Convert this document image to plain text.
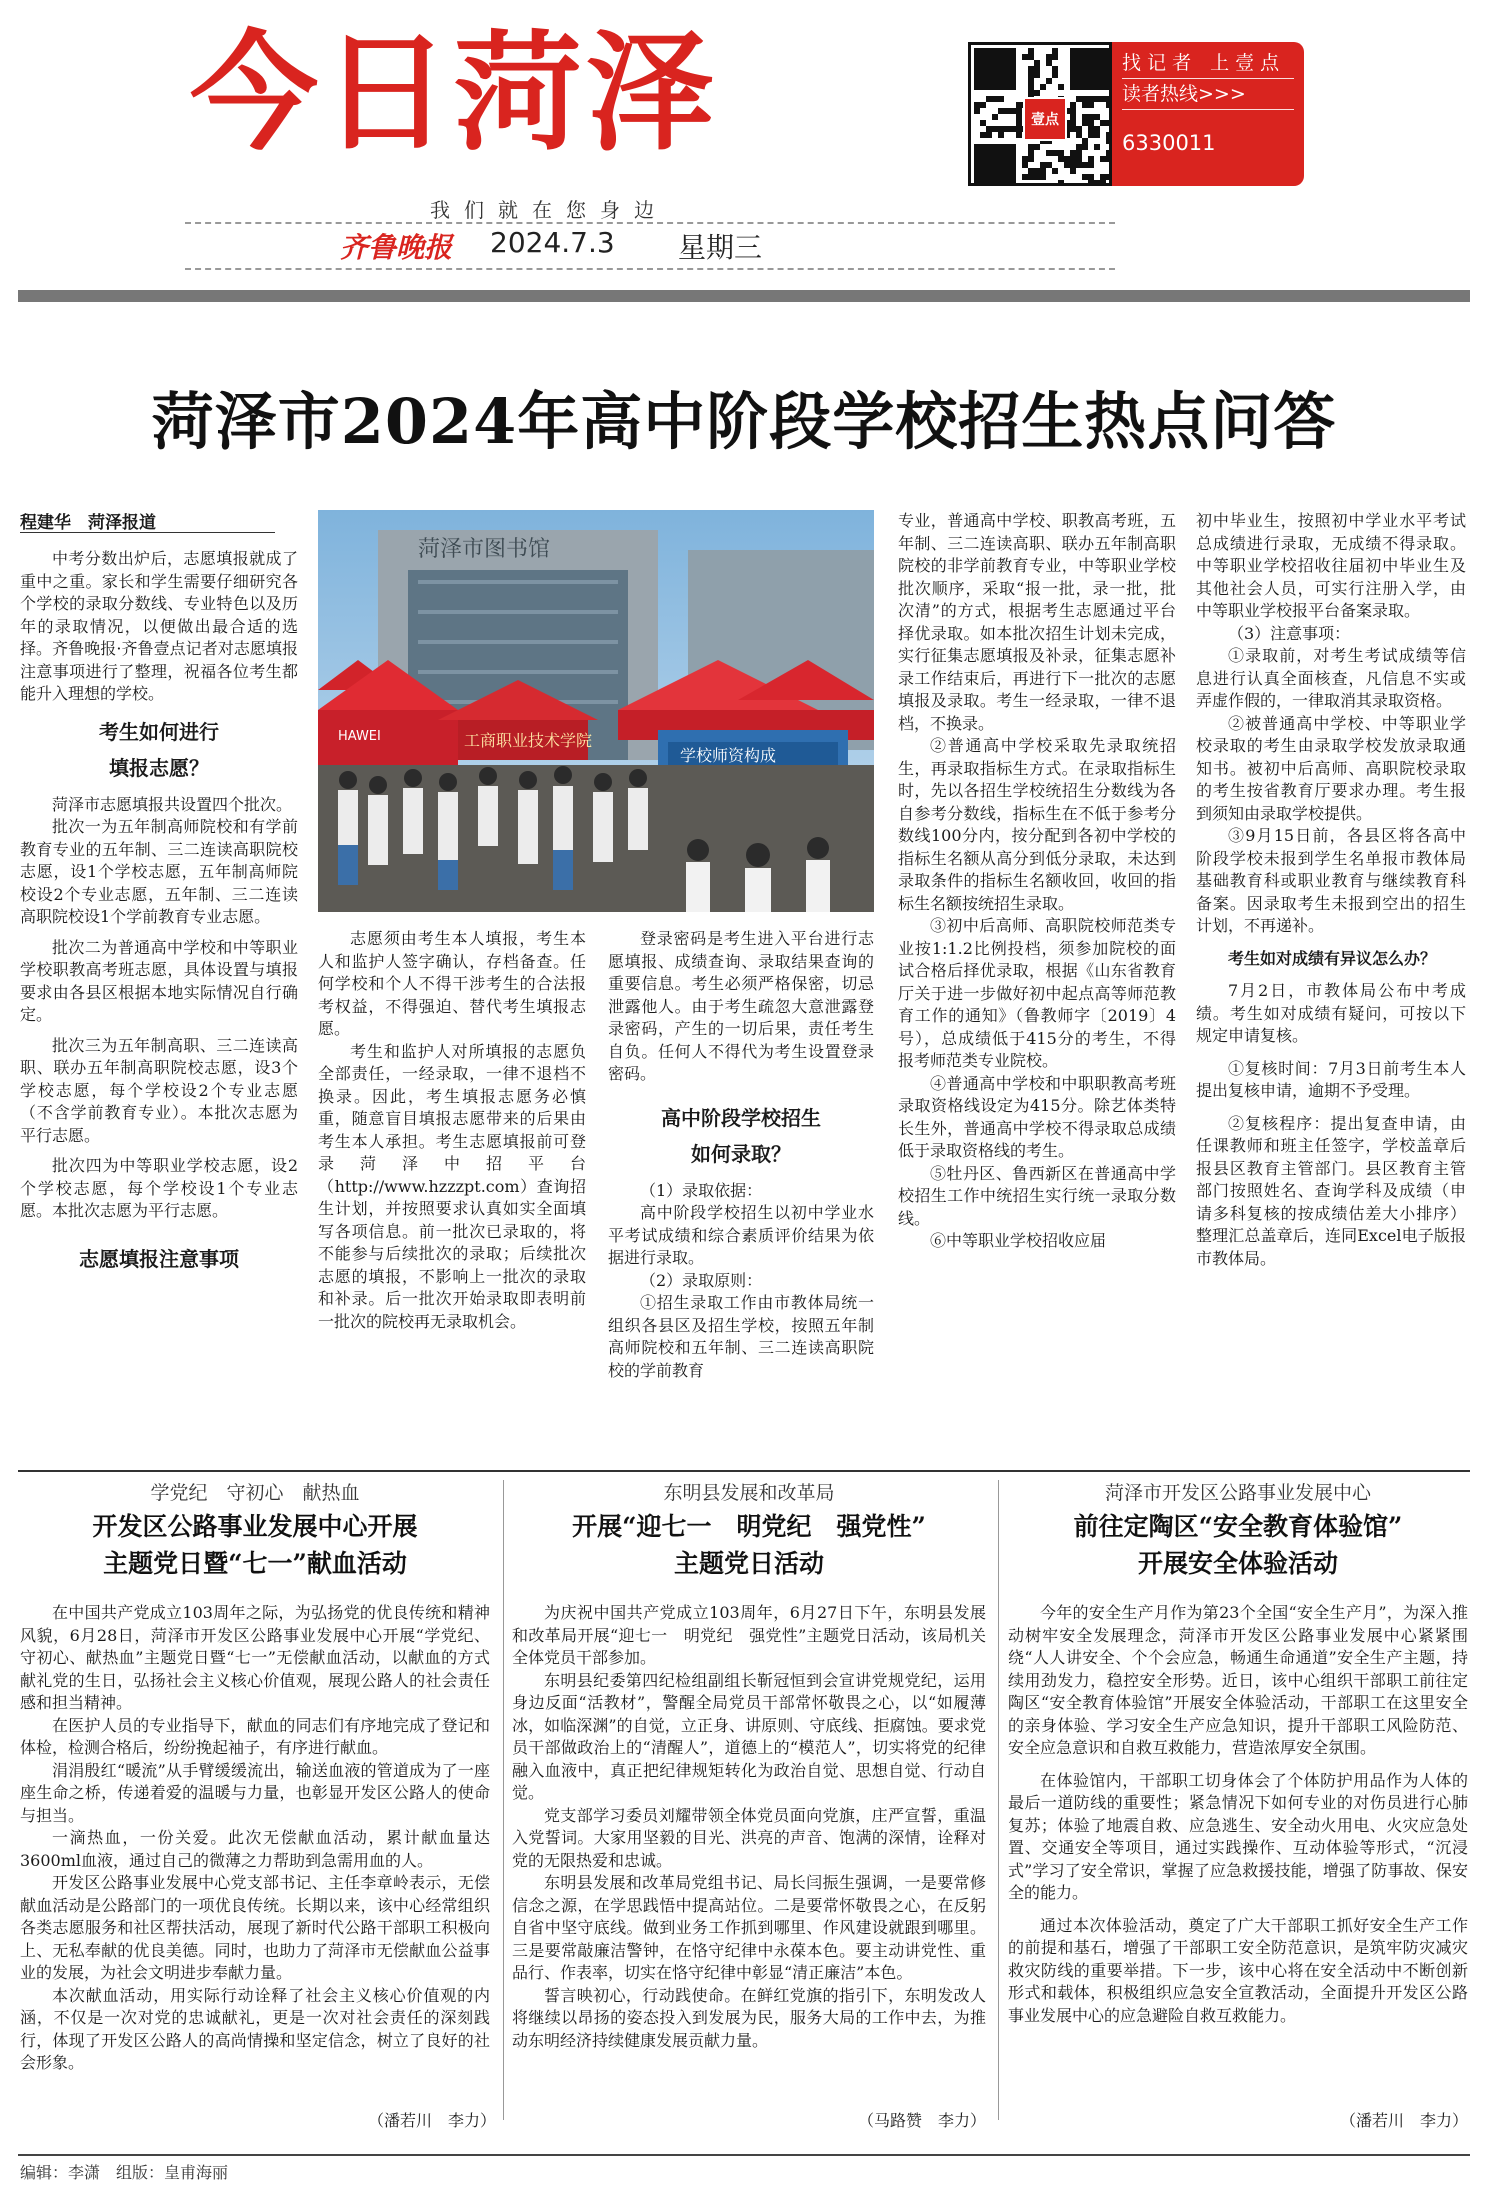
今日菏泽	壹点
找 记 者　上 壹 点
读者热线>>>
6330011
我们就在您身边
齐鲁晚报 2024.7.3 星期三
菏泽市2024年高中阶段学校招生热点问答
程建华　菏泽报道

中考分数出炉后，志愿填报就成了重中之重。家长和学生需要仔细研究各个学校的录取分数线、专业特色以及历年的录取情况，以便做出最合适的选择。齐鲁晚报·齐鲁壹点记者对志愿填报注意事项进行了整理，祝福各位考生都能升入理想的学校。

考生如何进行
填报志愿？

菏泽市志愿填报共设置四个批次。

批次一为五年制高师院校和有学前教育专业的五年制、三二连读高职院校志愿，设1个学校志愿，五年制高师院校设2个专业志愿，五年制、三二连读高职院校设1个学前教育专业志愿。

批次二为普通高中学校和中等职业学校职教高考班志愿，具体设置与填报要求由各县区根据本地实际情况自行确定。

批次三为五年制高职、三二连读高职、联办五年制高职院校志愿，设3个学校志愿，每个学校设2个专业志愿（不含学前教育专业）。本批次志愿为平行志愿。

批次四为中等职业学校志愿，设2个学校志愿，每个学校设1个专业志愿。本批次志愿为平行志愿。

志愿填报注意事项

菏泽市图书馆
工商职业技术学院
HAWEI
学校师资构成

志愿须由考生本人填报，考生本人和监护人签字确认，存档备查。任何学校和个人不得干涉考生的合法报考权益，不得强迫、替代考生填报志愿。

考生和监护人对所填报的志愿负全部责任，一经录取，一律不退档不换录。因此，考生填报志愿务必慎重，随意盲目填报志愿带来的后果由考生本人承担。考生志愿填报前可登录菏泽中招平台（http://www.hzzzpt.com）查询招生计划，并按照要求认真如实全面填写各项信息。前一批次已录取的，将不能参与后续批次的录取；后续批次志愿的填报，不影响上一批次的录取和补录。后一批次开始录取即表明前一批次的院校再无录取机会。

登录密码是考生进入平台进行志愿填报、成绩查询、录取结果查询的重要信息。考生必须严格保密，切忌泄露他人。由于考生疏忽大意泄露登录密码，产生的一切后果，责任考生自负。任何人不得代为考生设置登录密码。

高中阶段学校招生
如何录取？

（1）录取依据：

高中阶段学校招生以初中学业水平考试成绩和综合素质评价结果为依据进行录取。

（2）录取原则：

①招生录取工作由市教体局统一组织各县区及招生学校，按照五年制高师院校和五年制、三二连读高职院校的学前教育

专业，普通高中学校、职教高考班，五年制、三二连读高职、联办五年制高职院校的非学前教育专业，中等职业学校批次顺序，采取“报一批，录一批，批次清”的方式，根据考生志愿通过平台择优录取。如本批次招生计划未完成，实行征集志愿填报及补录，征集志愿补录工作结束后，再进行下一批次的志愿填报及录取。考生一经录取，一律不退档，不换录。

②普通高中学校采取先录取统招生，再录取指标生方式。在录取指标生时，先以各招生学校统招生分数线为各自参考分数线，指标生在不低于参考分数线100分内，按分配到各初中学校的指标生名额从高分到低分录取，未达到录取条件的指标生名额收回，收回的指标生名额按统招生录取。

③初中后高师、高职院校师范类专业按1:1.2比例投档，须参加院校的面试合格后择优录取，根据《山东省教育厅关于进一步做好初中起点高等师范教育工作的通知》（鲁教师字〔2019〕4号），总成绩低于415分的考生，不得报考师范类专业院校。

④普通高中学校和中职职教高考班录取资格线设定为415分。除艺体类特长生外，普通高中学校不得录取总成绩低于录取资格线的考生。

⑤牡丹区、鲁西新区在普通高中学校招生工作中统招生实行统一录取分数线。

⑥中等职业学校招收应届

初中毕业生，按照初中学业水平考试总成绩进行录取，无成绩不得录取。中等职业学校招收往届初中毕业生及其他社会人员，可实行注册入学，由中等职业学校报平台备案录取。

（3）注意事项：

①录取前，对考生考试成绩等信息进行认真全面核查，凡信息不实或弄虚作假的，一律取消其录取资格。

②被普通高中学校、中等职业学校录取的考生由录取学校发放录取通知书。被初中后高师、高职院校录取的考生按省教育厅要求办理。考生报到须知由录取学校提供。

③9月15日前，各县区将各高中阶段学校未报到学生名单报市教体局基础教育科或职业教育与继续教育科备案。因录取考生未报到空出的招生计划，不再递补。

考生如对成绩有异议怎么办？

7月2日，市教体局公布中考成绩。考生如对成绩有疑问，可按以下规定申请复核。

①复核时间：7月3日前考生本人提出复核申请，逾期不予受理。

②复核程序：提出复查申请，由任课教师和班主任签字，学校盖章后报县区教育主管部门。县区教育主管部门按照姓名、查询学科及成绩（申请多科复核的按成绩估差大小排序）整理汇总盖章后，连同Excel电子版报市教体局。

学党纪　守初心　献热血
开发区公路事业发展中心开展
主题党日暨“七一”献血活动

在中国共产党成立103周年之际，为弘扬党的优良传统和精神风貌，6月28日，菏泽市开发区公路事业发展中心开展“学党纪、守初心、献热血”主题党日暨“七一”无偿献血活动，以献血的方式献礼党的生日，弘扬社会主义核心价值观，展现公路人的社会责任感和担当精神。

在医护人员的专业指导下，献血的同志们有序地完成了登记和体检，检测合格后，纷纷挽起袖子，有序进行献血。

涓涓殷红“暖流”从手臂缓缓流出，输送血液的管道成为了一座座生命之桥，传递着爱的温暖与力量，也彰显开发区公路人的使命与担当。

一滴热血，一份关爱。此次无偿献血活动，累计献血量达3600ml血液，通过自己的微薄之力帮助到急需用血的人。

开发区公路事业发展中心党支部书记、主任李章岭表示，无偿献血活动是公路部门的一项优良传统。长期以来，该中心经常组织各类志愿服务和社区帮扶活动，展现了新时代公路干部职工积极向上、无私奉献的优良美德。同时，也助力了菏泽市无偿献血公益事业的发展，为社会文明进步奉献力量。

本次献血活动，用实际行动诠释了社会主义核心价值观的内涵，不仅是一次对党的忠诚献礼，更是一次对社会责任的深刻践行，体现了开发区公路人的高尚情操和坚定信念，树立了良好的社会形象。

（潘若川　李力）
东明县发展和改革局
开展“迎七一　明党纪　强党性”
主题党日活动

为庆祝中国共产党成立103周年，6月27日下午，东明县发展和改革局开展“迎七一　明党纪　强党性”主题党日活动，该局机关全体党员干部参加。

东明县纪委第四纪检组副组长靳冠恒到会宣讲党规党纪，运用身边反面“活教材”，警醒全局党员干部常怀敬畏之心，以“如履薄冰，如临深渊”的自觉，立正身、讲原则、守底线、拒腐蚀。要求党员干部做政治上的“清醒人”，道德上的“模范人”，切实将党的纪律融入血液中，真正把纪律规矩转化为政治自觉、思想自觉、行动自觉。

党支部学习委员刘耀带领全体党员面向党旗，庄严宣誓，重温入党誓词。大家用坚毅的目光、洪亮的声音、饱满的深情，诠释对党的无限热爱和忠诚。

东明县发展和改革局党组书记、局长闫振生强调，一是要常修信念之源，在学思践悟中提高站位。二是要常怀敬畏之心，在反躬自省中坚守底线。做到业务工作抓到哪里、作风建设就跟到哪里。三是要常敲廉洁警钟，在恪守纪律中永葆本色。要主动讲党性、重品行、作表率，切实在恪守纪律中彰显“清正廉洁”本色。

誓言映初心，行动践使命。在鲜红党旗的指引下，东明发改人将继续以昂扬的姿态投入到发展为民，服务大局的工作中去，为推动东明经济持续健康发展贡献力量。

（马路赞　李力）
菏泽市开发区公路事业发展中心
前往定陶区“安全教育体验馆”
开展安全体验活动

今年的安全生产月作为第23个全国“安全生产月”，为深入推动树牢安全发展理念，菏泽市开发区公路事业发展中心紧紧围绕“人人讲安全、个个会应急，畅通生命通道”安全生产主题，持续用劲发力，稳控安全形势。近日，该中心组织干部职工前往定陶区“安全教育体验馆”开展安全体验活动，干部职工在这里安全的亲身体验、学习安全生产应急知识，提升干部职工风险防范、安全应急意识和自救互救能力，营造浓厚安全氛围。

在体验馆内，干部职工切身体会了个体防护用品作为人体的最后一道防线的重要性；紧急情况下如何专业的对伤员进行心肺复苏；体验了地震自救、应急逃生、安全动火用电、火灾应急处置、交通安全等项目，通过实践操作、互动体验等形式，“沉浸式”学习了安全常识，掌握了应急救援技能，增强了防事故、保安全的能力。

通过本次体验活动，奠定了广大干部职工抓好安全生产工作的前提和基石，增强了干部职工安全防范意识，是筑牢防灾减灾救灾防线的重要举措。下一步，该中心将在安全活动中不断创新形式和载体，积极组织应急安全宣教活动，全面提升开发区公路事业发展中心的应急避险自救互救能力。

（潘若川　李力）
编辑：李潇　组版：皇甫海丽
